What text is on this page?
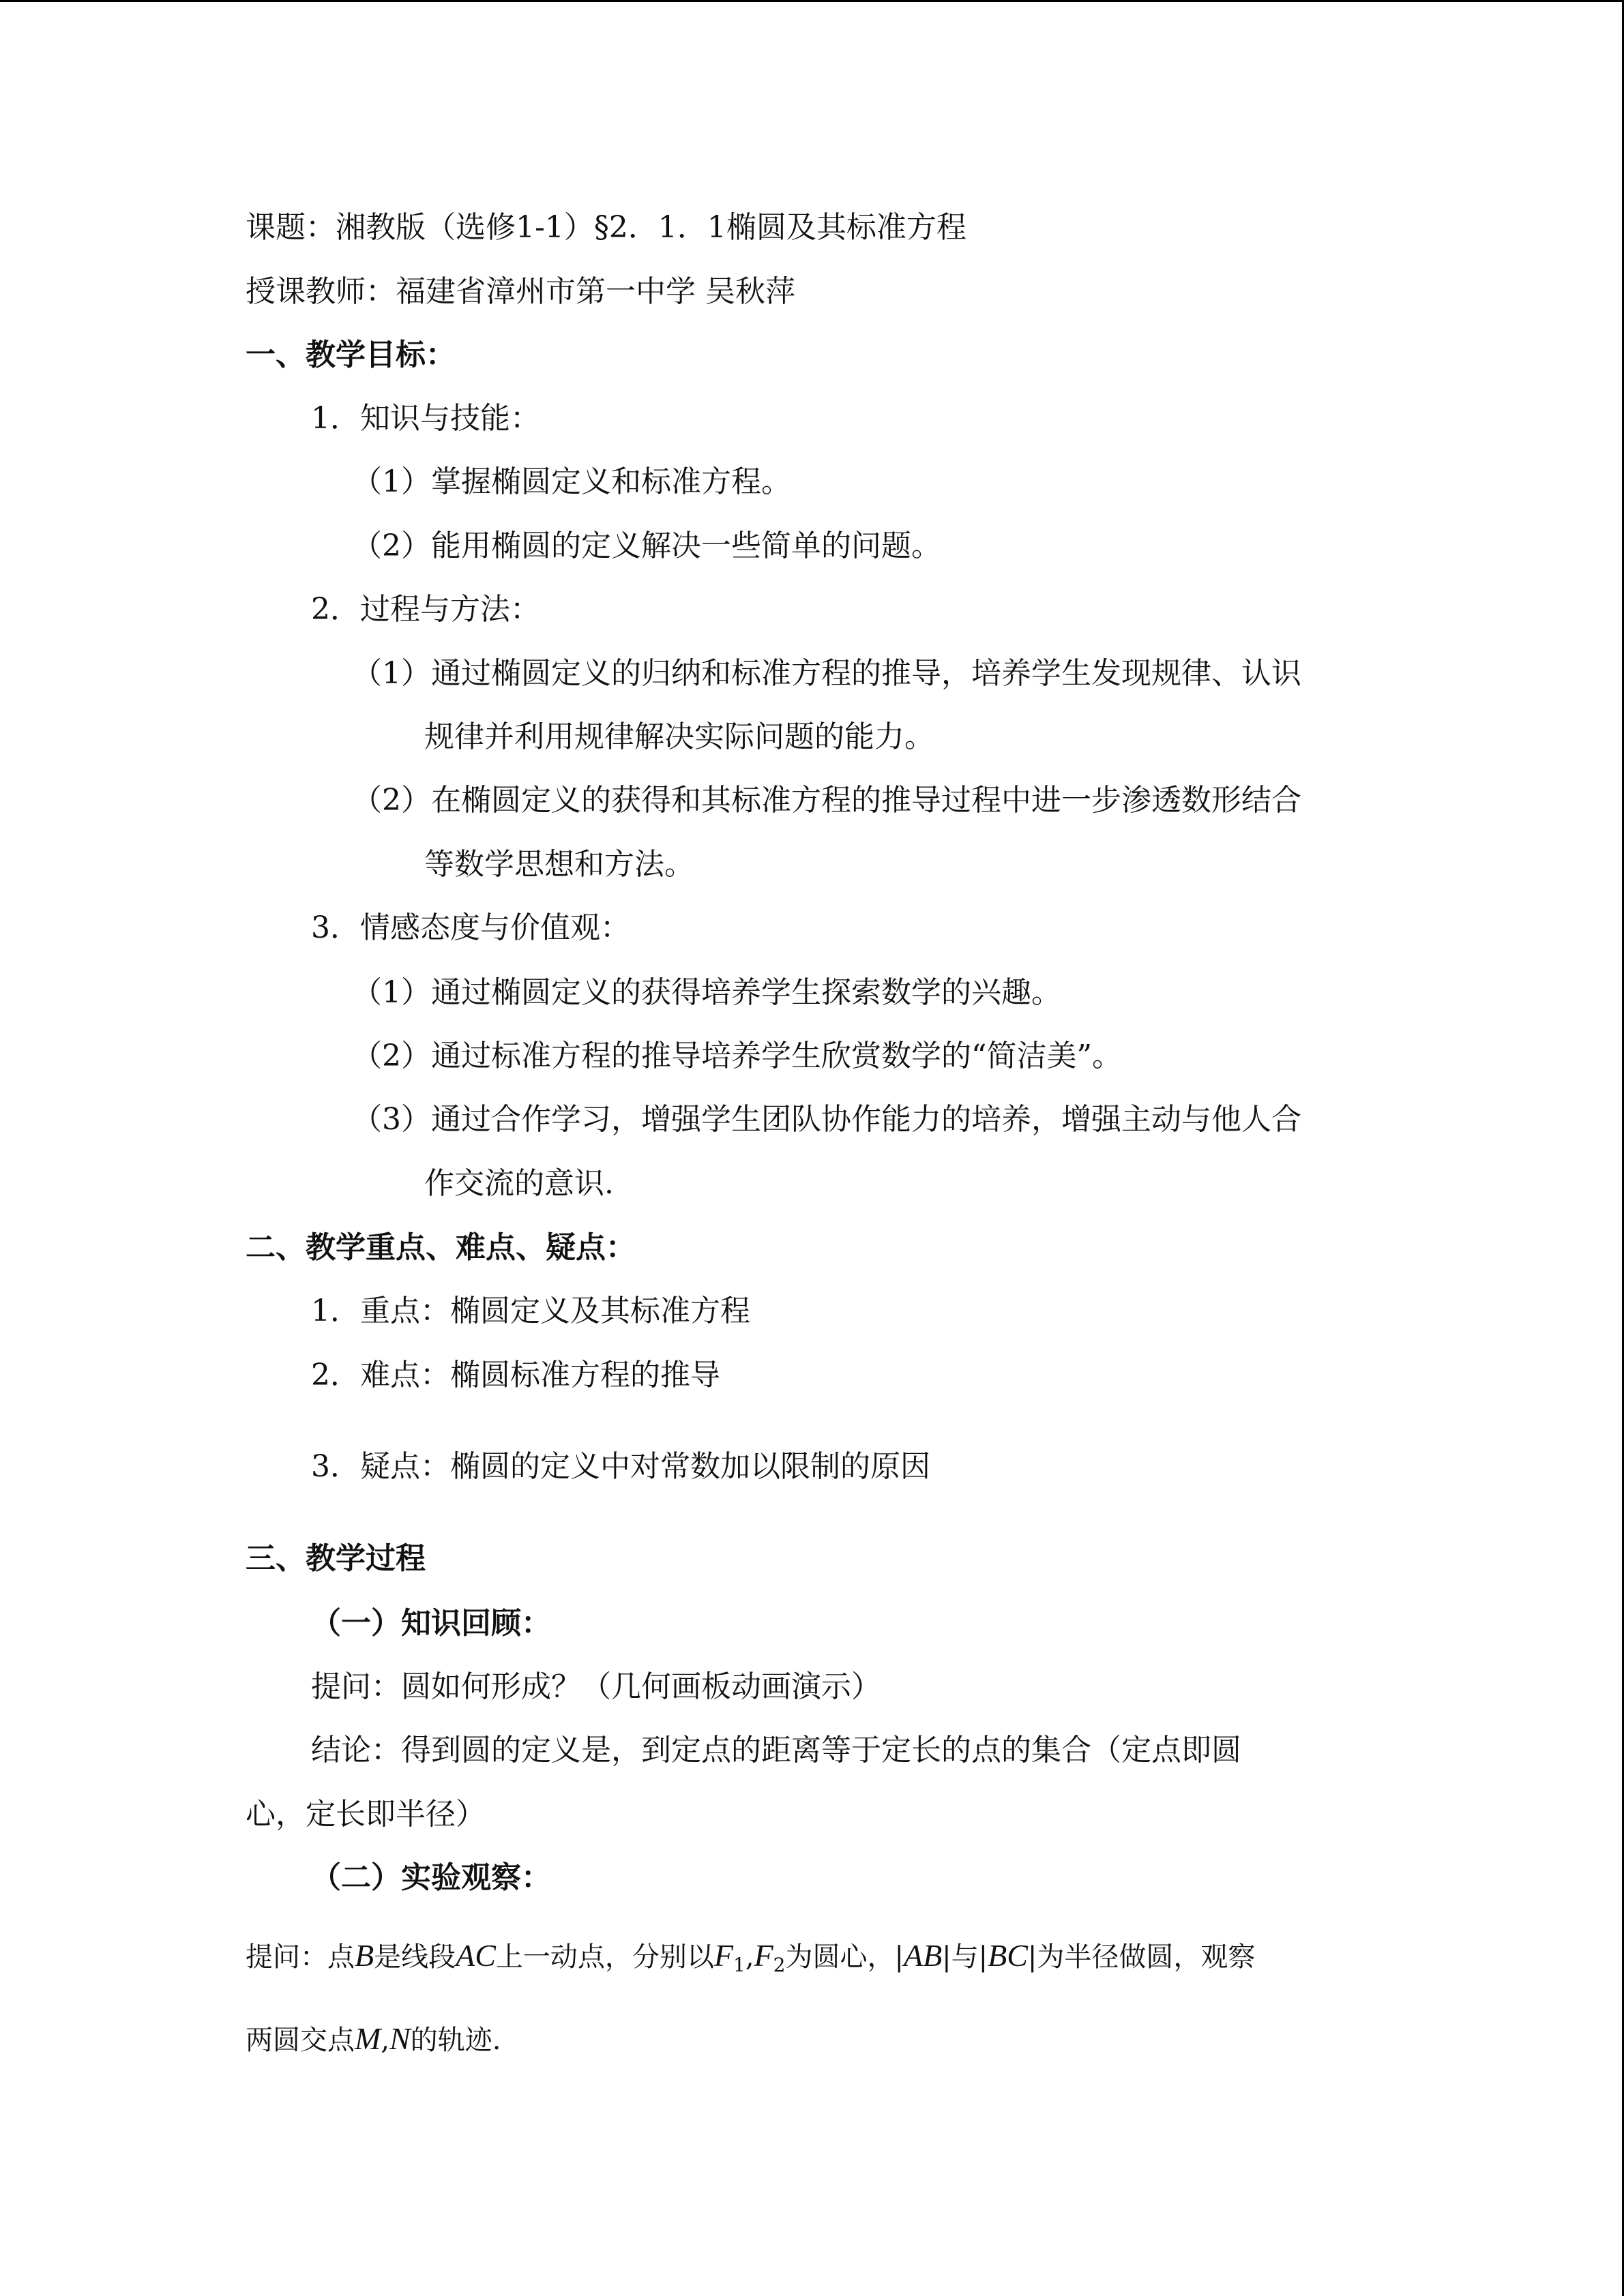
课题：湘教版（选修1-1）§2．1．1椭圆及其标准方程
授课教师：福建省漳州市第一中学 吴秋萍
一、教学目标：
1．知识与技能：
（1）掌握椭圆定义和标准方程。
（2）能用椭圆的定义解决一些简单的问题。
2．过程与方法：
（1）通过椭圆定义的归纳和标准方程的推导，培养学生发现规律、认识
规律并利用规律解决实际问题的能力。
（2）在椭圆定义的获得和其标准方程的推导过程中进一步渗透数形结合
等数学思想和方法。
3．情感态度与价值观：
（1）通过椭圆定义的获得培养学生探索数学的兴趣。
（2）通过标准方程的推导培养学生欣赏数学的“简洁美”。
（3）通过合作学习，增强学生团队协作能力的培养，增强主动与他人合
作交流的意识.
二、教学重点、难点、疑点：
1．重点：椭圆定义及其标准方程
2．难点：椭圆标准方程的推导
3．疑点：椭圆的定义中对常数加以限制的原因
三、教学过程
（一）知识回顾：
提问：圆如何形成？（几何画板动画演示）
结论：得到圆的定义是，到定点的距离等于定长的点的集合（定点即圆
心，定长即半径）
（二）实验观察：
提问：点B是线段AC上一动点，分别以$F_1,F_2$为圆心，|AB|与|BC|为半径做圆，观察
两圆交点M,N的轨迹.
